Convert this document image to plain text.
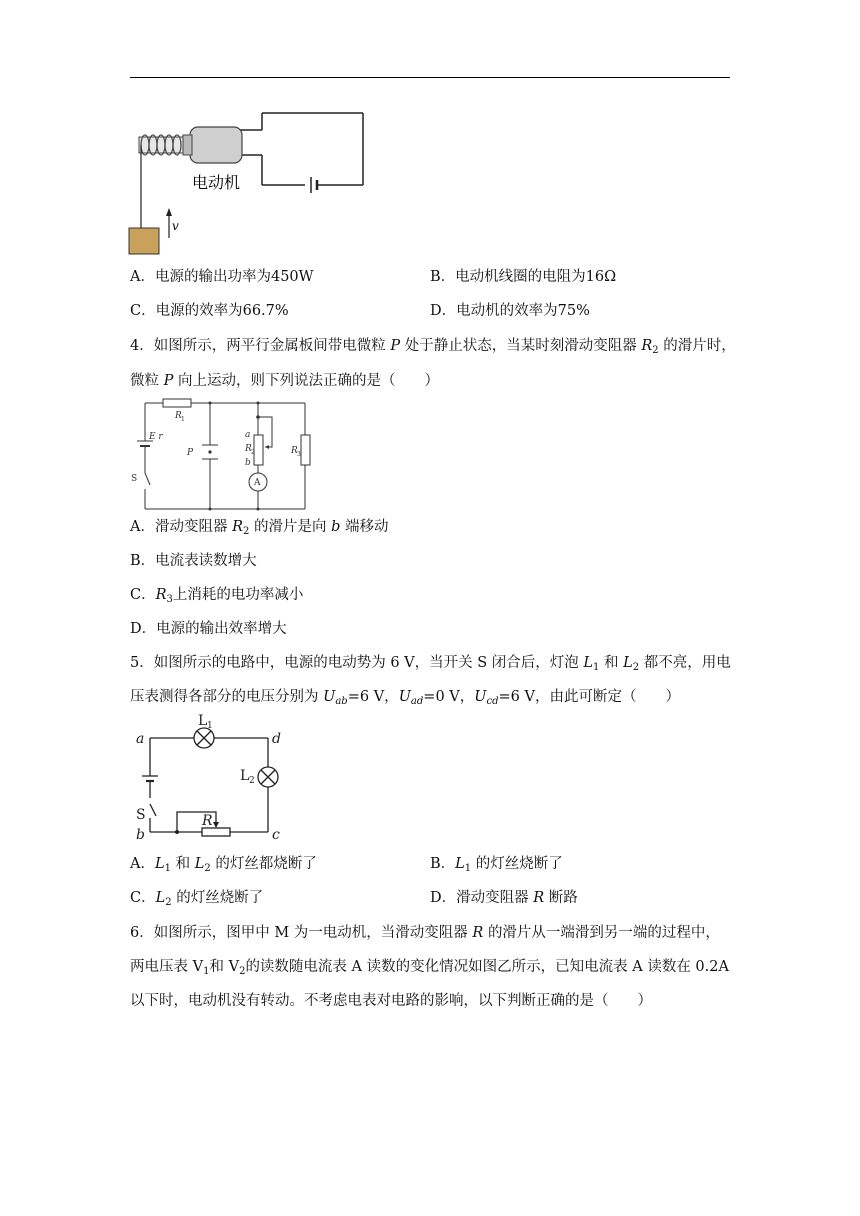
v
电动机
A．电源的输出功率为450W	B．电动机线圈的电阻为16Ω
C．电源的效率为66.7%	D．电动机的效率为75%
4．如图所示，两平行金属板间带电微粒 P 处于静止状态，当某时刻滑动变阻器 $R_2$ 的滑片时，
微粒 P 向上运动，则下列说法正确的是（　　）
R 1
E r
S
P
a
R 2
b
R 3
A
A．滑动变阻器 $R_2$ 的滑片是向 b 端移动
B．电流表读数增大
C．$R_3$上消耗的电功率减小
D．电源的输出效率增大
5．如图所示的电路中，电源的电动势为 6 V，当开关 S 闭合后，灯泡 $L_1$ 和 $L_2$ 都不亮，用电
压表测得各部分的电压分别为 $U_{ab}=6$ V，$U_{ad}=0$ V，$U_{cd}=6$ V，由此可断定（　　）
a	d
b	c
L 1
L 2
S	R
A．$L_1$ 和 $L_2$ 的灯丝都烧断了	B．$L_1$ 的灯丝烧断了
C．$L_2$ 的灯丝烧断了	D．滑动变阻器 R 断路
6．如图所示，图甲中 M 为一电动机，当滑动变阻器 R 的滑片从一端滑到另一端的过程中，
两电压表 $V_1$和 $V_2$的读数随电流表 A 读数的变化情况如图乙所示，已知电流表 A 读数在 0.2A
以下时，电动机没有转动。不考虑电表对电路的影响，以下判断正确的是（　　）
